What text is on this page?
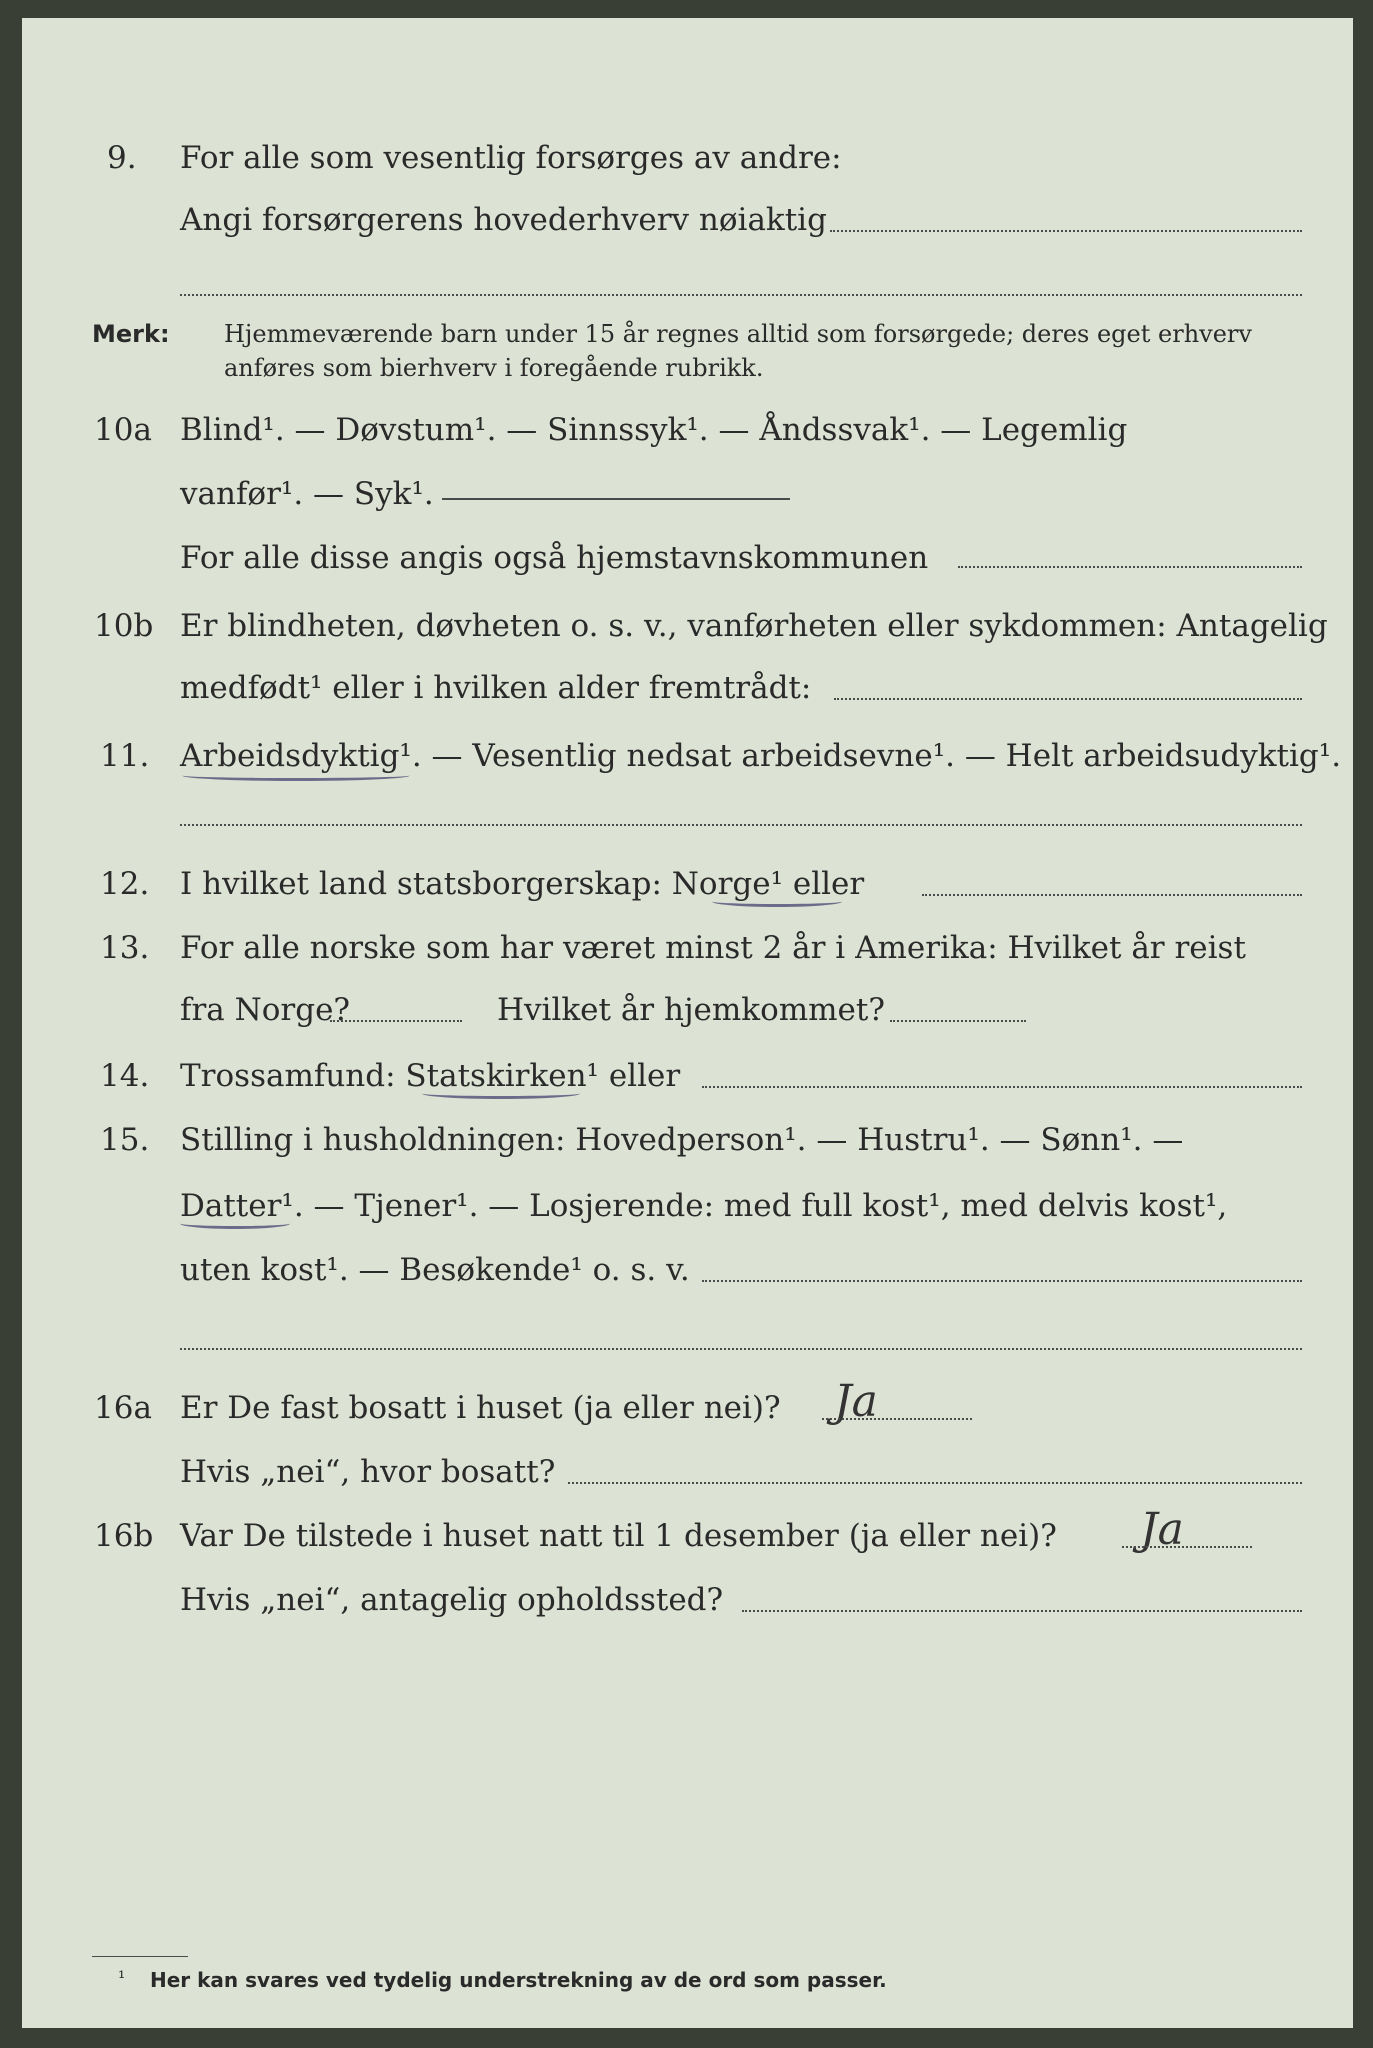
9. For alle som vesentlig forsørges av andre:
Angi forsørgerens hovederhverv nøiaktig
Merk: Hjemmeværende barn under 15 år regnes alltid som forsørgede; deres eget erhverv
anføres som bierhverv i foregående rubrikk.
10a Blind¹. — Døvstum¹. — Sinnssyk¹. — Åndssvak¹. — Legemlig
vanfør¹. — Syk¹.
For alle disse angis også hjemstavnskommunen
10b Er blindheten, døvheten o. s. v., vanførheten eller sykdommen: Antagelig
medfødt¹ eller i hvilken alder fremtrådt:
11. Arbeidsdyktig¹. — Vesentlig nedsat arbeidsevne¹. — Helt arbeidsudyktig¹.
12. I hvilket land statsborgerskap: Norge¹ eller
13. For alle norske som har været minst 2 år i Amerika: Hvilket år reist
fra Norge?	Hvilket år hjemkommet?
14. Trossamfund: Statskirken¹ eller
15. Stilling i husholdningen: Hovedperson¹. — Hustru¹. — Sønn¹. —
Datter¹. — Tjener¹. — Losjerende: med full kost¹, med delvis kost¹,
uten kost¹. — Besøkende¹ o. s. v.
16a Er De fast bosatt i huset (ja eller nei)? Ja
Hvis „nei“, hvor bosatt?
16b Var De tilstede i huset natt til 1 desember (ja eller nei)? Ja
Hvis „nei“, antagelig opholdssted?
¹ Her kan svares ved tydelig understrekning av de ord som passer.
